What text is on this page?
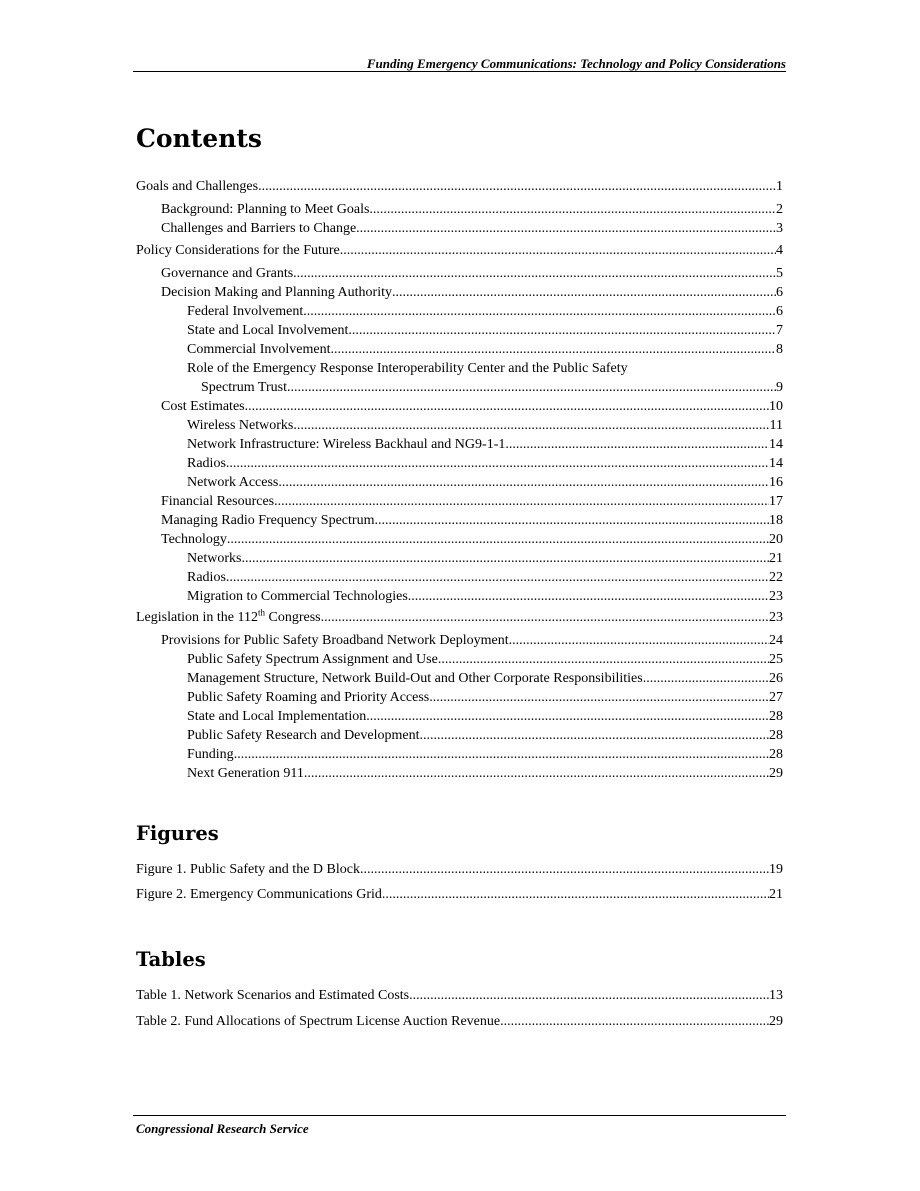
Funding Emergency Communications: Technology and Policy Considerations
Contents
Goals and Challenges .....	1
Background: Planning to Meet Goals .....	2
Challenges and Barriers to Change .....	3
Policy Considerations for the Future .....	4
Governance and Grants .....	5
Decision Making and Planning Authority .....	6
Federal Involvement .....	6
State and Local Involvement .....	7
Commercial Involvement .....	8
Role of the Emergency Response Interoperability Center and the Public Safety
Spectrum Trust .....	9
Cost Estimates .....	10
Wireless Networks .....	11
Network Infrastructure: Wireless Backhaul and NG9-1-1 .....	14
Radios .....	14
Network Access .....	16
Financial Resources .....	17
Managing Radio Frequency Spectrum .....	18
Technology .....	20
Networks .....	21
Radios .....	22
Migration to Commercial Technologies .....	23
Legislation in the 112th Congress .....	23
Provisions for Public Safety Broadband Network Deployment .....	24
Public Safety Spectrum Assignment and Use .....	25
Management Structure, Network Build-Out and Other Corporate Responsibilities .....	26
Public Safety Roaming and Priority Access .....	27
State and Local Implementation .....	28
Public Safety Research and Development .....	28
Funding .....	28
Next Generation 911 .....	29
Figures
Figure 1. Public Safety and the D Block .....	19
Figure 2. Emergency Communications Grid .....	21
Tables
Table 1. Network Scenarios and Estimated Costs .....	13
Table 2. Fund Allocations of Spectrum License Auction Revenue .....	29
Congressional Research Service
